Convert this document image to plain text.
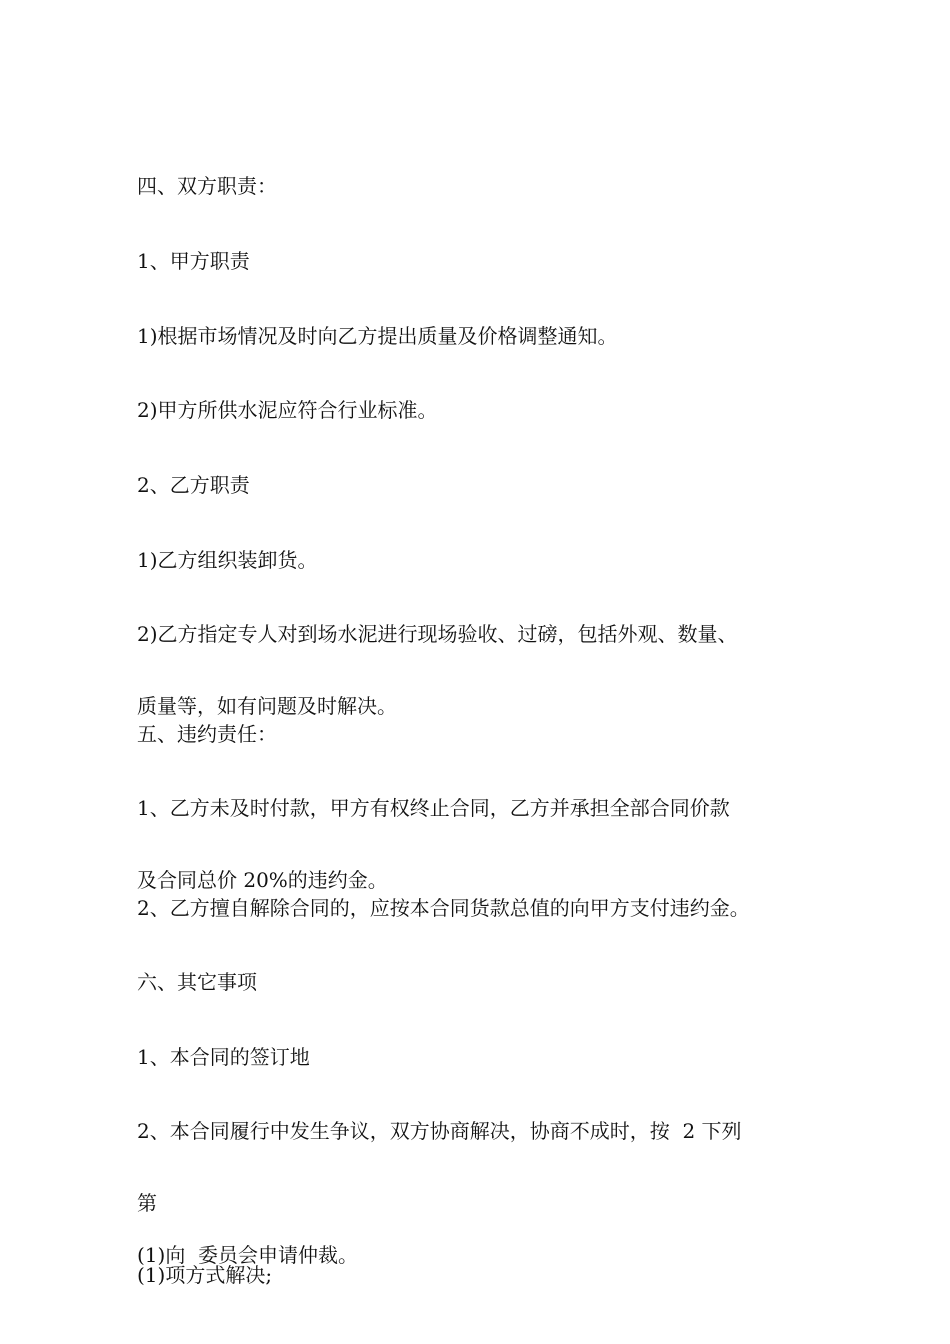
四、双方职责：

1、甲方职责

1)根据市场情况及时向乙方提出质量及价格调整通知。

2)甲方所供水泥应符合行业标准。

2、乙方职责

1)乙方组织装卸货。

2)乙方指定专人对到场水泥进行现场验收、过磅，包括外观、数量、

质量等，如有问题及时解决。

五、违约责任：

1、乙方未及时付款，甲方有权终止合同，乙方并承担全部合同价款

及合同总价 20%的违约金。

2、乙方擅自解除合同的，应按本合同货款总值的向甲方支付违约金。

六、其它事项

1、本合同的签订地

2、本合同履行中发生争议，双方协商解决，协商不成时，按  2 下列

第

(1)项方式解决;

(1)向  委员会申请仲裁。
